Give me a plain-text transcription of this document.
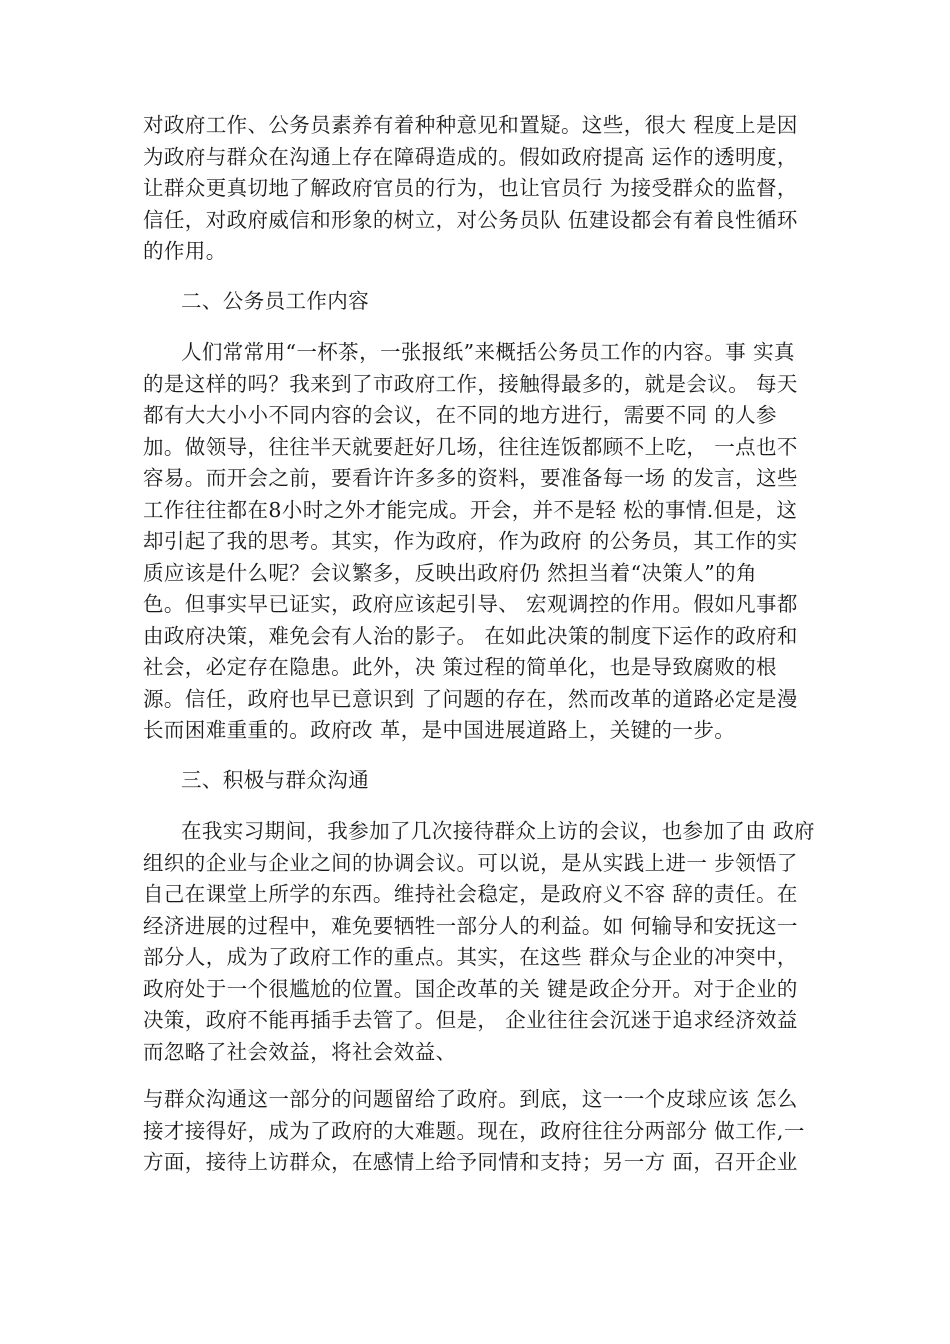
对政府工作、公务员素养有着种种意见和置疑。这些，很大 程度上是因
为政府与群众在沟通上存在障碍造成的。假如政府提高 运作的透明度，
让群众更真切地了解政府官员的行为，也让官员行 为接受群众的监督，
信任，对政府威信和形象的树立，对公务员队 伍建设都会有着良性循环
的作用。

二、公务员工作内容

人们常常用“一杯茶，一张报纸”来概括公务员工作的内容。事 实真
的是这样的吗？我来到了市政府工作，接触得最多的，就是会议。 每天
都有大大小小不同内容的会议，在不同的地方进行，需要不同 的人参
加。做领导，往往半天就要赶好几场，往往连饭都顾不上吃， 一点也不
容易。而开会之前，要看许许多多的资料，要准备每一场 的发言，这些
工作往往都在8小时之外才能完成。开会，并不是轻 松的事情.但是，这
却引起了我的思考。其实，作为政府，作为政府 的公务员，其工作的实
质应该是什么呢？会议繁多，反映出政府仍 然担当着“决策人”的角
色。但事实早已证实，政府应该起引导、 宏观调控的作用。假如凡事都
由政府决策，难免会有人治的影子。 在如此决策的制度下运作的政府和
社会，必定存在隐患。此外，决 策过程的简单化，也是导致腐败的根
源。信任，政府也早已意识到 了问题的存在，然而改革的道路必定是漫
长而困难重重的。政府改 革，是中国进展道路上，关键的一步。

三、积极与群众沟通

在我实习期间，我参加了几次接待群众上访的会议，也参加了由 政府
组织的企业与企业之间的协调会议。可以说，是从实践上进一 步领悟了
自己在课堂上所学的东西。维持社会稳定，是政府义不容 辞的责任。在
经济进展的过程中，难免要牺牲一部分人的利益。如 何输导和安抚这一
部分人，成为了政府工作的重点。其实，在这些 群众与企业的冲突中，
政府处于一个很尴尬的位置。国企改革的关 键是政企分开。对于企业的
决策，政府不能再插手去管了。但是， 企业往往会沉迷于追求经济效益
而忽略了社会效益，将社会效益、

与群众沟通这一部分的问题留给了政府。到底，这一一个皮球应该 怎么
接才接得好，成为了政府的大难题。现在，政府往往分两部分 做工作,一
方面，接待上访群众，在感情上给予同情和支持；另一方 面，召开企业
